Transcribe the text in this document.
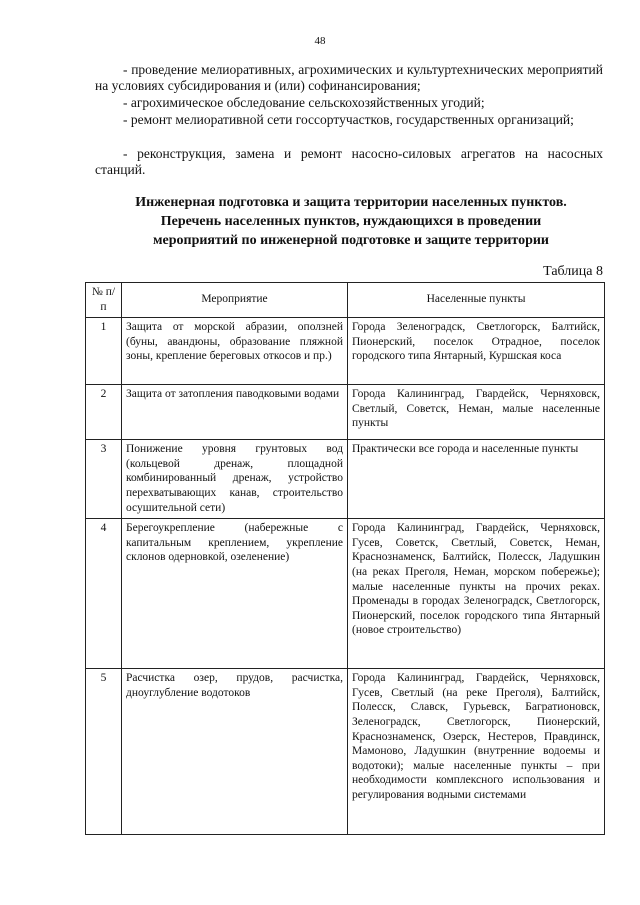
48
- проведение мелиоративных, агрохимических и культуртехнических мероприятий на условиях субсидирования и (или) софинансирования;
- агрохимическое обследование сельскохозяйственных угодий;
- ремонт мелиоративной сети госсортучастков, государственных организаций;
- реконструкция, замена и ремонт насосно-силовых агрегатов на насосных станций.
Инженерная подготовка и защита территории населенных пунктов.
Перечень населенных пунктов, нуждающихся в проведении
мероприятий по инженерной подготовке и защите территории
Таблица 8
№ п/п	Мероприятие	Населенные пункты
1	Защита от морской абразии, оползней (буны, авандюны, образование пляжной зоны, крепление береговых откосов и пр.)	Города Зеленоградск, Светлогорск, Балтийск, Пионерский, поселок Отрадное, поселок городского типа Янтарный, Куршская коса
2	Защита от затопления паводковыми водами	Города Калининград, Гвардейск, Черняховск, Светлый, Советск, Неман, малые населенные пункты
3	Понижение уровня грунтовых вод (кольцевой дренаж, площадной комбинированный дренаж, устройство перехватывающих канав, строительство осушительной сети)	Практически все города и населенные пункты
4	Берегоукрепление (набережные с капитальным креплением, укрепление склонов одерновкой, озеленение)	Города Калининград, Гвардейск, Черняховск, Гусев, Советск, Светлый, Советск, Неман, Краснознаменск, Балтийск, Полесск, Ладушкин (на реках Преголя, Неман, морском побережье); малые населенные пункты на прочих реках. Променады в городах Зеленоградск, Светлогорск, Пионерский, поселок городского типа Янтарный (новое строительство)
5	Расчистка озер, прудов, расчистка, дноуглубление водотоков	Города Калининград, Гвардейск, Черняховск, Гусев, Светлый (на реке Преголя), Балтийск, Полесск, Славск, Гурьевск, Багратионовск, Зеленоградск, Светлогорск, Пионерский, Краснознаменск, Озерск, Нестеров, Правдинск, Мамоново, Ладушкин (внутренние водоемы и водотоки); малые населенные пункты – при необходимости комплексного использования и регулирования водными системами
